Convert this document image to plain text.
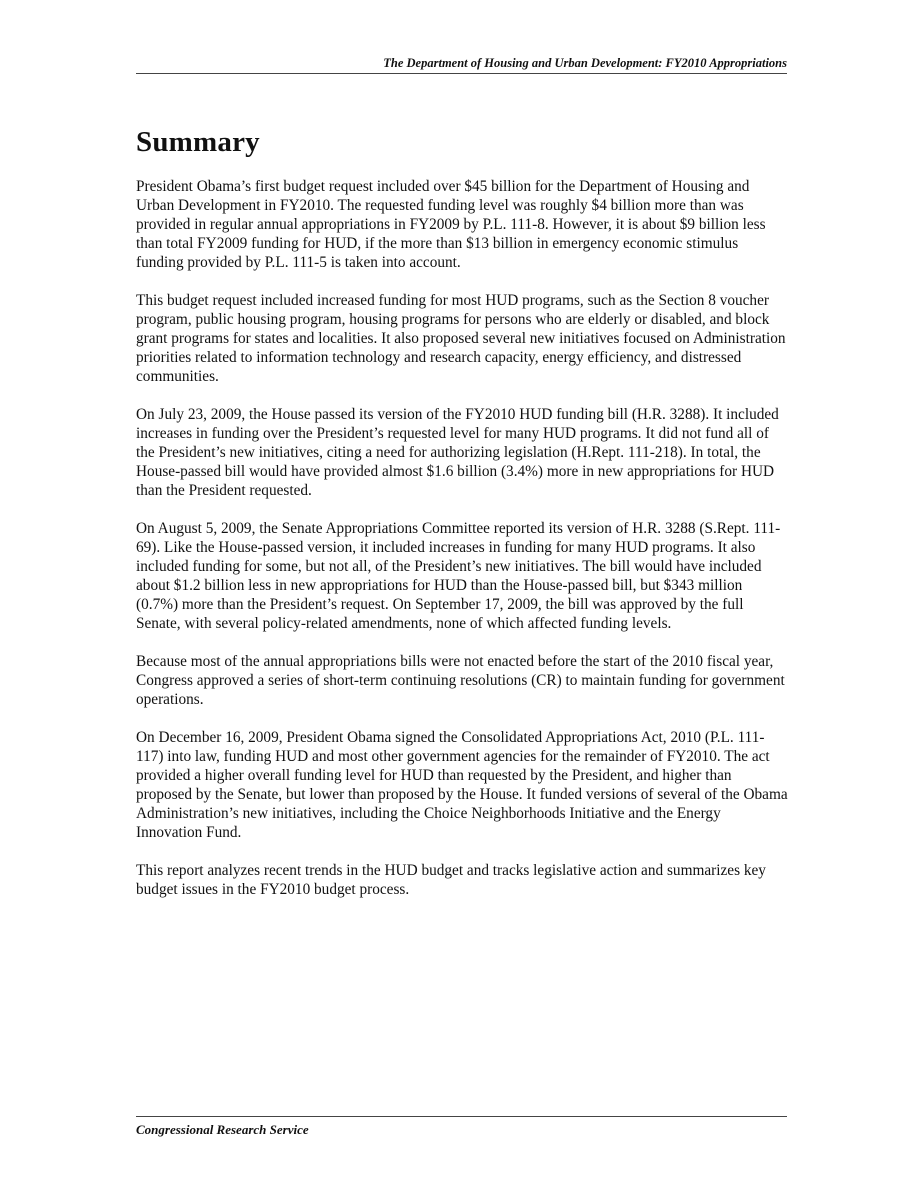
The Department of Housing and Urban Development: FY2010 Appropriations
Summary

President Obama’s first budget request included over $45 billion for the Department of Housing and Urban Development in FY2010. The requested funding level was roughly $4 billion more than was provided in regular annual appropriations in FY2009 by P.L. 111-8. However, it is about $9 billion less than total FY2009 funding for HUD, if the more than $13 billion in emergency economic stimulus funding provided by P.L. 111-5 is taken into account.

This budget request included increased funding for most HUD programs, such as the Section 8 voucher program, public housing program, housing programs for persons who are elderly or disabled, and block grant programs for states and localities. It also proposed several new initiatives focused on Administration priorities related to information technology and research capacity, energy efficiency, and distressed communities.

On July 23, 2009, the House passed its version of the FY2010 HUD funding bill (H.R. 3288). It included increases in funding over the President’s requested level for many HUD programs. It did not fund all of the President’s new initiatives, citing a need for authorizing legislation (H.Rept. 111-218). In total, the House-passed bill would have provided almost $1.6 billion (3.4%) more in new appropriations for HUD than the President requested.

On August 5, 2009, the Senate Appropriations Committee reported its version of H.R. 3288 (S.Rept. 111-69). Like the House-passed version, it included increases in funding for many HUD programs. It also included funding for some, but not all, of the President’s new initiatives. The bill would have included about $1.2 billion less in new appropriations for HUD than the House-passed bill, but $343 million (0.7%) more than the President’s request. On September 17, 2009, the bill was approved by the full Senate, with several policy-related amendments, none of which affected funding levels.

Because most of the annual appropriations bills were not enacted before the start of the 2010 fiscal year, Congress approved a series of short-term continuing resolutions (CR) to maintain funding for government operations.

On December 16, 2009, President Obama signed the Consolidated Appropriations Act, 2010 (P.L. 111-117) into law, funding HUD and most other government agencies for the remainder of FY2010. The act provided a higher overall funding level for HUD than requested by the President, and higher than proposed by the Senate, but lower than proposed by the House. It funded versions of several of the Obama Administration’s new initiatives, including the Choice Neighborhoods Initiative and the Energy Innovation Fund.

This report analyzes recent trends in the HUD budget and tracks legislative action and summarizes key budget issues in the FY2010 budget process.

Congressional Research Service
